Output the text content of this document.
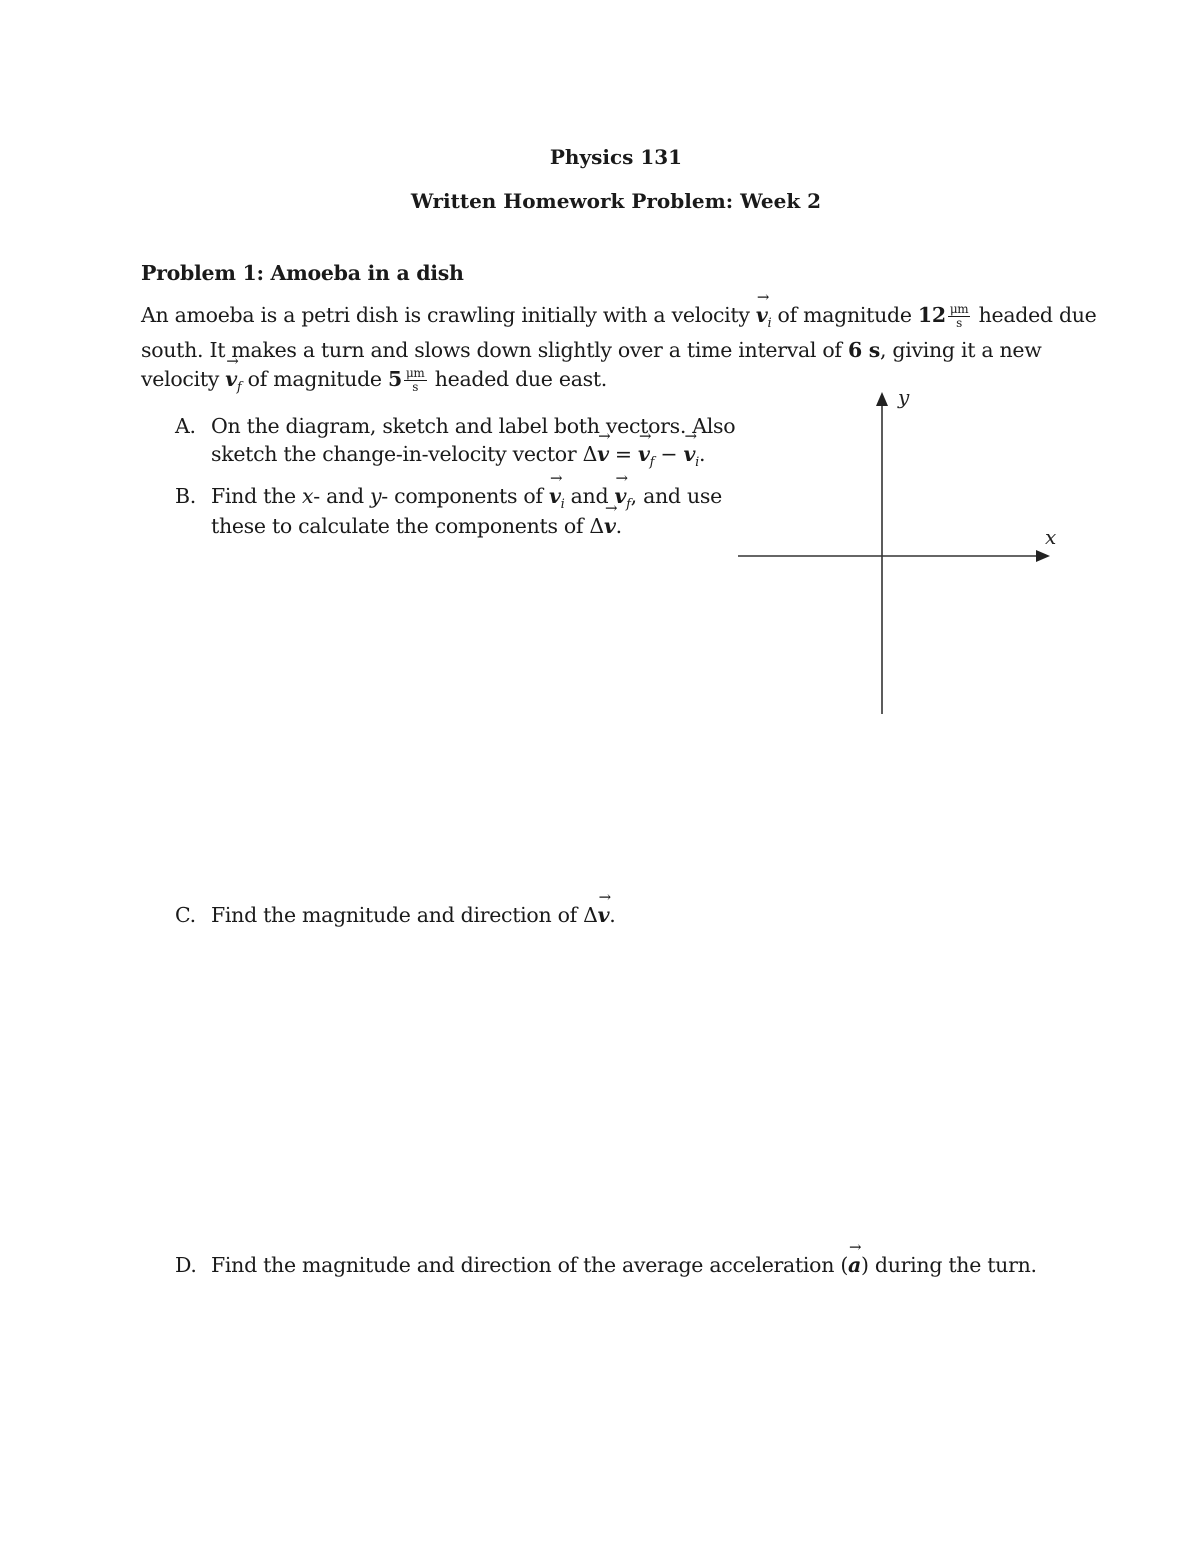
Physics 131
Written Homework Problem: Week 2
Problem 1: Amoeba in a dish
An amoeba is a petri dish is crawling initially with a velocity → $v_i$ of magnitude $12 \frac{\mu m}{s}$ headed due
south. It makes a turn and slows down slightly over a time interval of 6 s, giving it a new
velocity → $v_f$ of magnitude $5 \frac{\mu m}{s}$ headed due east.
A. On the diagram, sketch and label both vectors. Also
sketch the change-in-velocity vector Δ→ v = → $v_f$ − → $v_i$.
B. Find the x- and y- components of → $v_i$ and → $v_f$, and use
these to calculate the components of Δ→ v.
C. Find the magnitude and direction of Δ→ v.
D. Find the magnitude and direction of the average acceleration (→ a) during the turn.
y
x
